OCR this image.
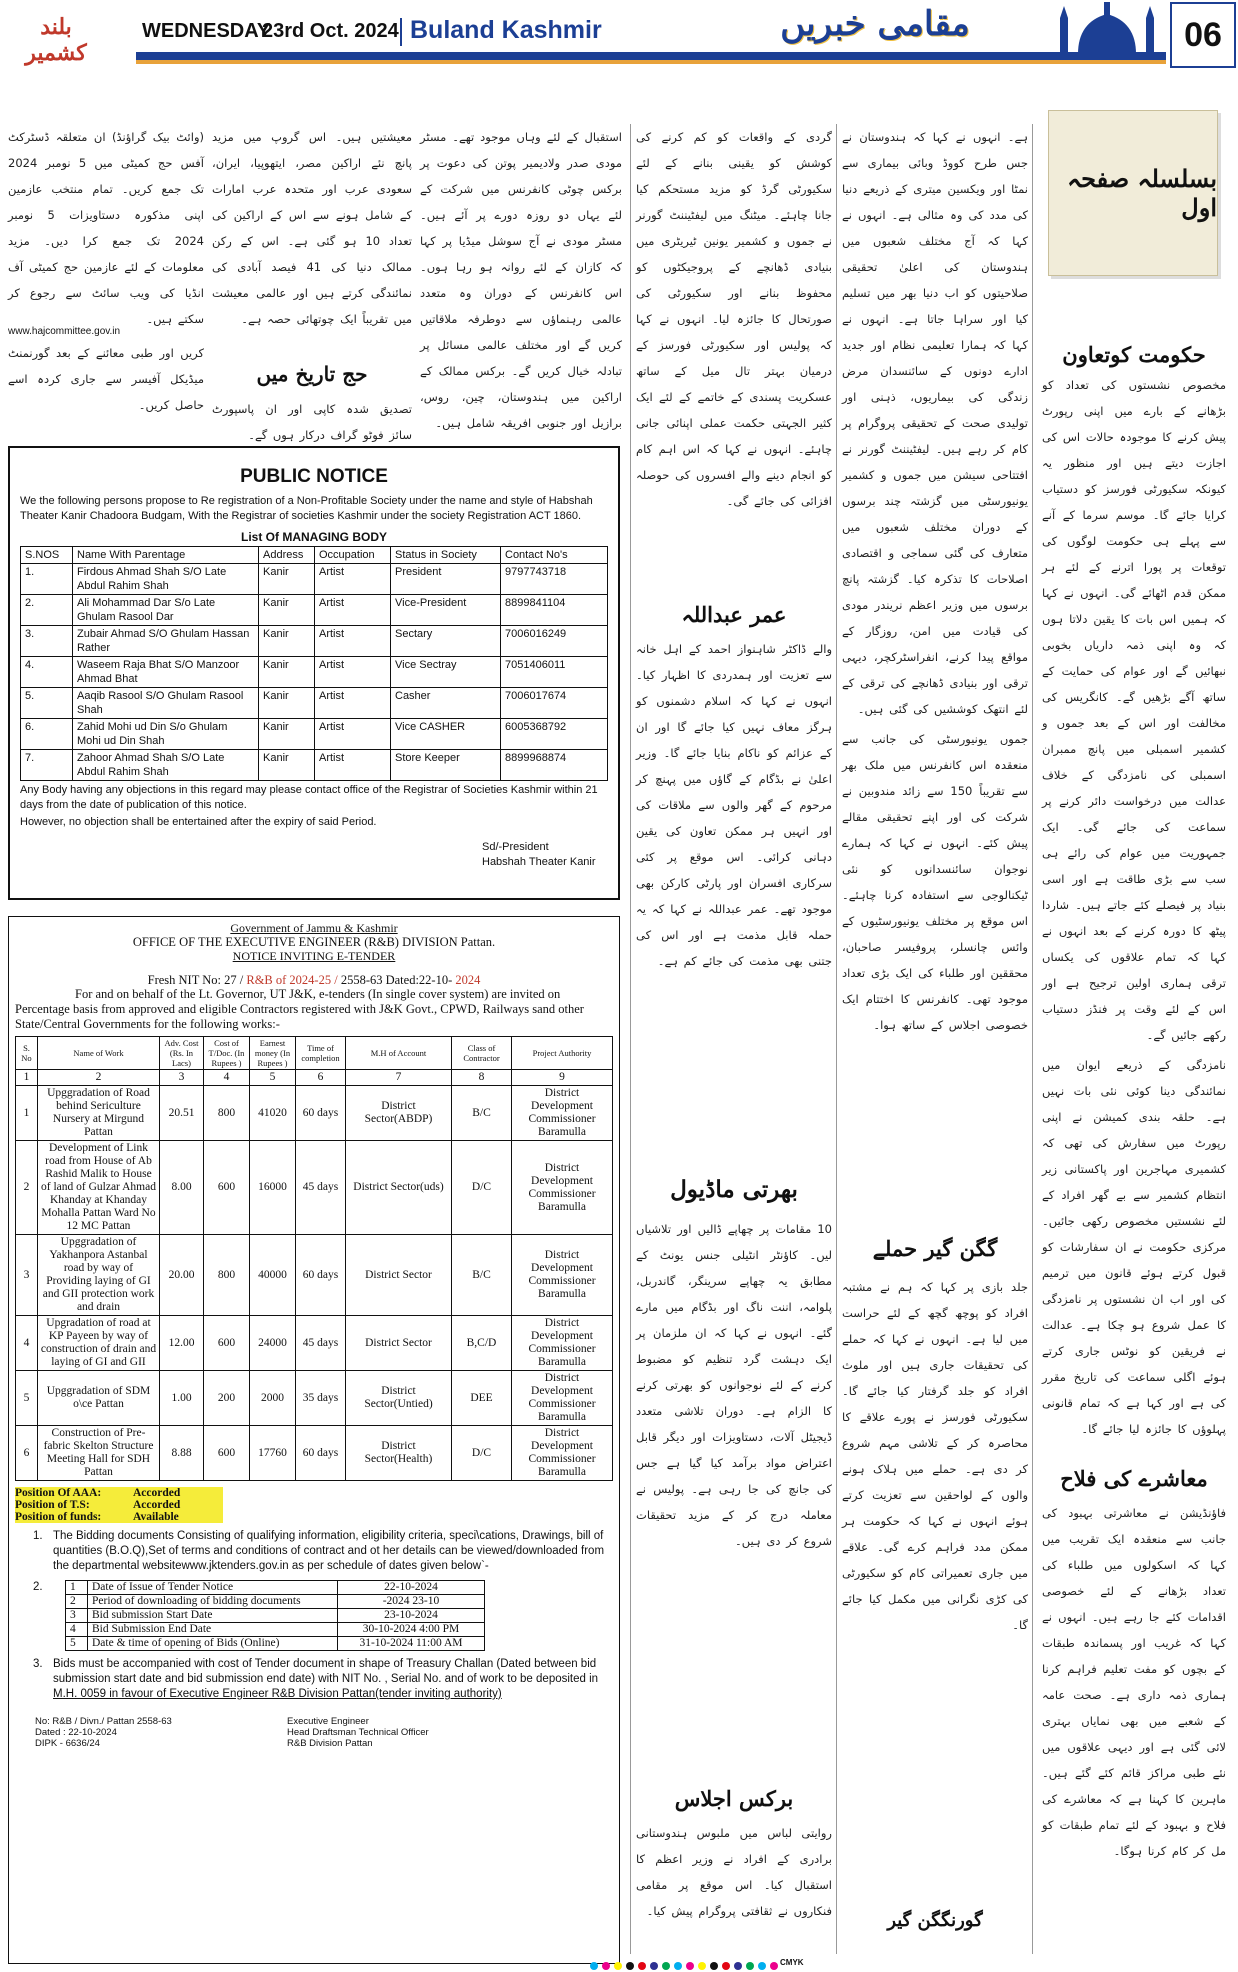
بلند کشمیر
WEDNESDAY
23rd Oct. 2024 Buland Kashmir	مقامی خبریں	06
بسلسلہ صفحہ اول
حکومت کوتعاون

مخصوص نشستوں کی تعداد کو بڑھانے کے بارے میں اپنی رپورٹ پیش کرنے کا موجودہ حالات اس کی اجازت دیتے ہیں اور منظور یہ کیونکہ سکیورٹی فورسز کو دستیاب کرایا جائے گا۔ موسم سرما کے آنے سے پہلے ہی حکومت لوگوں کی توقعات پر پورا اترنے کے لئے ہر ممکن قدم اٹھائے گی۔ انہوں نے کہا کہ ہمیں اس بات کا یقین دلاتا ہوں کہ وہ اپنی ذمہ داریاں بخوبی نبھائیں گے اور عوام کی حمایت کے ساتھ آگے بڑھیں گے۔ کانگریس کی مخالفت اور اس کے بعد جموں و کشمیر اسمبلی میں پانچ ممبران اسمبلی کی نامزدگی کے خلاف عدالت میں درخواست دائر کرنے پر سماعت کی جائے گی۔ ایک جمہوریت میں عوام کی رائے ہی سب سے بڑی طاقت ہے اور اسی بنیاد پر فیصلے کئے جاتے ہیں۔ شاردا پیٹھ کا دورہ کرنے کے بعد انہوں نے کہا کہ تمام علاقوں کی یکساں ترقی ہماری اولین ترجیح ہے اور اس کے لئے وقت پر فنڈز دستیاب رکھے جائیں گے۔

نامزدگی کے ذریعے ایوان میں نمائندگی دینا کوئی نئی بات نہیں ہے۔ حلقہ بندی کمیشن نے اپنی رپورٹ میں سفارش کی تھی کہ کشمیری مہاجرین اور پاکستانی زیر انتظام کشمیر سے بے گھر افراد کے لئے نشستیں مخصوص رکھی جائیں۔ مرکزی حکومت نے ان سفارشات کو قبول کرتے ہوئے قانون میں ترمیم کی اور اب ان نشستوں پر نامزدگی کا عمل شروع ہو چکا ہے۔ عدالت نے فریقین کو نوٹس جاری کرتے ہوئے اگلی سماعت کی تاریخ مقرر کی ہے اور کہا ہے کہ تمام قانونی پہلوؤں کا جائزہ لیا جائے گا۔

معاشرے کی فلاح

فاؤنڈیشن نے معاشرتی بہبود کی جانب سے منعقدہ ایک تقریب میں کہا کہ اسکولوں میں طلباء کی تعداد بڑھانے کے لئے خصوصی اقدامات کئے جا رہے ہیں۔ انہوں نے کہا کہ غریب اور پسماندہ طبقات کے بچوں کو مفت تعلیم فراہم کرنا ہماری ذمہ داری ہے۔ صحت عامہ کے شعبے میں بھی نمایاں بہتری لائی گئی ہے اور دیہی علاقوں میں نئے طبی مراکز قائم کئے گئے ہیں۔ ماہرین کا کہنا ہے کہ معاشرے کی فلاح و بہبود کے لئے تمام طبقات کو مل کر کام کرنا ہوگا۔

ہے۔ انہوں نے کہا کہ ہندوستان نے جس طرح کووڈ وبائی بیماری سے نمٹا اور ویکسین میتری کے ذریعے دنیا کی مدد کی وہ مثالی ہے۔ انہوں نے کہا کہ آج مختلف شعبوں میں ہندوستان کی اعلیٰ تحقیقی صلاحیتوں کو اب دنیا بھر میں تسلیم کیا اور سراہا جاتا ہے۔ انہوں نے کہا کہ ہمارا تعلیمی نظام اور جدید ادارے دونوں کے سائنسدان مرض زندگی کی بیماریوں، ذہنی اور تولیدی صحت کے تحقیقی پروگرام پر کام کر رہے ہیں۔ لیفٹیننٹ گورنر نے افتتاحی سیشن میں جموں و کشمیر یونیورسٹی میں گزشتہ چند برسوں کے دوران مختلف شعبوں میں متعارف کی گئی سماجی و اقتصادی اصلاحات کا تذکرہ کیا۔ گزشتہ پانچ برسوں میں وزیر اعظم نریندر مودی کی قیادت میں امن، روزگار کے مواقع پیدا کرنے، انفراسٹرکچر، دیہی ترقی اور بنیادی ڈھانچے کی ترقی کے لئے انتھک کوششیں کی گئی ہیں۔

جموں یونیورسٹی کی جانب سے منعقدہ اس کانفرنس میں ملک بھر سے تقریباً 150 سے زائد مندوبین نے شرکت کی اور اپنے تحقیقی مقالے پیش کئے۔ انہوں نے کہا کہ ہمارے نوجوان سائنسدانوں کو نئی ٹیکنالوجی سے استفادہ کرنا چاہئے۔ اس موقع پر مختلف یونیورسٹیوں کے وائس چانسلر، پروفیسر صاحبان، محققین اور طلباء کی ایک بڑی تعداد موجود تھی۔ کانفرنس کا اختتام ایک خصوصی اجلاس کے ساتھ ہوا۔

گگن گیر حملے

جلد بازی پر کہا کہ ہم نے مشتبہ افراد کو پوچھ گچھ کے لئے حراست میں لیا ہے۔ انہوں نے کہا کہ حملے کی تحقیقات جاری ہیں اور ملوث افراد کو جلد گرفتار کیا جائے گا۔ سکیورٹی فورسز نے پورے علاقے کا محاصرہ کر کے تلاشی مہم شروع کر دی ہے۔ حملے میں ہلاک ہونے والوں کے لواحقین سے تعزیت کرتے ہوئے انہوں نے کہا کہ حکومت ہر ممکن مدد فراہم کرے گی۔ علاقے میں جاری تعمیراتی کام کو سکیورٹی کی کڑی نگرانی میں مکمل کیا جائے گا۔

گورنگگن گیر

گردی کے واقعات کو کم کرنے کی کوشش کو یقینی بنانے کے لئے سکیورٹی گرڈ کو مزید مستحکم کیا جانا چاہئے۔ میٹنگ میں لیفٹیننٹ گورنر نے جموں و کشمیر یونین ٹیریٹری میں بنیادی ڈھانچے کے پروجیکٹوں کو محفوظ بنانے اور سکیورٹی کی صورتحال کا جائزہ لیا۔ انہوں نے کہا کہ پولیس اور سکیورٹی فورسز کے درمیان بہتر تال میل کے ساتھ عسکریت پسندی کے خاتمے کے لئے ایک کثیر الجہتی حکمت عملی اپنائی جانی چاہئے۔ انہوں نے کہا کہ اس اہم کام کو انجام دینے والے افسروں کی حوصلہ افزائی کی جائے گی۔

عمر عبداللہ

والے ڈاکٹر شاہنواز احمد کے اہل خانہ سے تعزیت اور ہمدردی کا اظہار کیا۔ انہوں نے کہا کہ اسلام دشمنوں کو ہرگز معاف نہیں کیا جائے گا اور ان کے عزائم کو ناکام بنایا جائے گا۔ وزیر اعلیٰ نے بڈگام کے گاؤں میں پہنچ کر مرحوم کے گھر والوں سے ملاقات کی اور انہیں ہر ممکن تعاون کی یقین دہانی کرائی۔ اس موقع پر کئی سرکاری افسران اور پارٹی کارکن بھی موجود تھے۔ عمر عبداللہ نے کہا کہ یہ حملہ قابل مذمت ہے اور اس کی جتنی بھی مذمت کی جائے کم ہے۔

بھرتی ماڈیول

10 مقامات پر چھاپے ڈالیں اور تلاشیاں لیں۔ کاؤنٹر انٹیلی جنس یونٹ کے مطابق یہ چھاپے سرینگر، گاندربل، پلوامہ، اننت ناگ اور بڈگام میں مارے گئے۔ انہوں نے کہا کہ ان ملزمان پر ایک دہشت گرد تنظیم کو مضبوط کرنے کے لئے نوجوانوں کو بھرتی کرنے کا الزام ہے۔ دوران تلاشی متعدد ڈیجیٹل آلات، دستاویزات اور دیگر قابل اعتراض مواد برآمد کیا گیا ہے جس کی جانچ کی جا رہی ہے۔ پولیس نے معاملہ درج کر کے مزید تحقیقات شروع کر دی ہیں۔

برکس اجلاس

روایتی لباس میں ملبوس ہندوستانی برادری کے افراد نے وزیر اعظم کا استقبال کیا۔ اس موقع پر مقامی فنکاروں نے ثقافتی پروگرام پیش کیا۔

استقبال کے لئے وہاں موجود تھے۔ مسٹر مودی صدر ولادیمیر پوتن کی دعوت پر برکس چوٹی کانفرنس میں شرکت کے لئے یہاں دو روزہ دورے پر آئے ہیں۔ مسٹر مودی نے آج سوشل میڈیا پر کہا کہ کازان کے لئے روانہ ہو رہا ہوں۔ اس کانفرنس کے دوران وہ متعدد عالمی رہنماؤں سے دوطرفہ ملاقاتیں کریں گے اور مختلف عالمی مسائل پر تبادلہ خیال کریں گے۔ برکس ممالک کے اراکین میں ہندوستان، چین، روس، برازیل اور جنوبی افریقہ شامل ہیں۔

معیشتیں ہیں۔ اس گروپ میں مزید پانچ نئے اراکین مصر، ایتھوپیا، ایران، سعودی عرب اور متحدہ عرب امارات کے شامل ہونے سے اس کے اراکین کی تعداد 10 ہو گئی ہے۔ اس کے رکن ممالک دنیا کی 41 فیصد آبادی کی نمائندگی کرتے ہیں اور عالمی معیشت میں تقریباً ایک چوتھائی حصہ ہے۔

حج تاریخ میں

تصدیق شدہ کاپی اور ان پاسپورٹ سائز فوٹو گراف درکار ہوں گے۔

(وائٹ بیک گراؤنڈ) ان متعلقہ ڈسٹرکٹ آفس حج کمیٹی میں 5 نومبر 2024 تک جمع کریں۔ تمام منتخب عازمین اپنی مذکورہ دستاویزات 5 نومبر 2024 تک جمع کرا دیں۔ مزید معلومات کے لئے عازمین حج کمیٹی آف انڈیا کی ویب سائٹ سے رجوع کر سکتے ہیں۔

www.hajcommittee.gov.in

کریں اور طبی معائنے کے بعد گورنمنٹ میڈیکل آفیسر سے جاری کردہ اسے حاصل کریں۔

PUBLIC NOTICE
We the following persons propose to Re registration of a Non-Profitable Society under the name and style of Habshah Theater Kanir Chadoora Budgam, With the Registrar of societies Kashmir under the society Registration ACT 1860.
List Of MANAGING BODY
S.NOS	Name With Parentage	Address	Occupation	Status in Society	Contact No's
1.	Firdous Ahmad Shah S/O Late Abdul Rahim Shah	Kanir	Artist	President	9797743718
2.	Ali Mohammad Dar S/o Late Ghulam Rasool Dar	Kanir	Artist	Vice-President	8899841104
3.	Zubair Ahmad S/O Ghulam Hassan Rather	Kanir	Artist	Sectary	7006016249
4.	Waseem Raja Bhat S/O Manzoor Ahmad Bhat	Kanir	Artist	Vice Sectray	7051406011
5.	Aaqib Rasool S/O Ghulam Rasool Shah	Kanir	Artist	Casher	7006017674
6.	Zahid Mohi ud Din S/o Ghulam Mohi ud Din Shah	Kanir	Artist	Vice CASHER	6005368792
7.	Zahoor Ahmad Shah S/O Late Abdul Rahim Shah	Kanir	Artist	Store Keeper	8899968874
Any Body having any objections in this regard may please contact office of the Registrar of Societies Kashmir within 21 days from the date of publication of this notice.
However, no objection shall be entertained after the expiry of said Period.
Sd/-President
Habshah Theater Kanir
Government of Jammu & Kashmir
OFFICE OF THE EXECUTIVE ENGINEER (R&B) DIVISION Pattan.
NOTICE INVITING E-TENDER
Fresh NIT No: 27 / R&B of 2024-25 / 2558-63 Dated:22-10- 2024
For and on behalf of the Lt. Governor, UT J&K, e-tenders (In single cover system) are invited on Percentage basis from approved and eligible Contractors registered with J&K Govt., CPWD, Railways sand other State/Central Governments for the following works:-
S. No	Name of Work	Adv. Cost (Rs. In Lacs)	Cost of T/Doc. (In Rupees )	Earnest money (In Rupees )	Time of completion	M.H of Account	Class of Contractor	Project Authority
1	2	3	4	5	6	7	8	9
1	Upggradation of Road behind Sericulture Nursery at Mirgund Pattan	20.51	800	41020	60 days	District Sector(ABDP)	B/C	District Development Commissioner Baramulla
2	Development of Link road from House of Ab Rashid Malik to House of land of Gulzar Ahmad Khanday at Khanday Mohalla Pattan Ward No 12 MC Pattan	8.00	600	16000	45 days	District Sector(uds)	D/C	District Development Commissioner Baramulla
3	Upggradation of Yakhanpora Astanbal road by way of Providing laying of GI and GII protection work and drain	20.00	800	40000	60 days	District Sector	B/C	District Development Commissioner Baramulla
4	Upgradation of road at KP Payeen by way of construction of drain and laying of GI and GII	12.00	600	24000	45 days	District Sector	B,C/D	District Development Commissioner Baramulla
5	Upggradation of SDM o\ce Pattan	1.00	200	2000	35 days	District Sector(Untied)	DEE	District Development Commissioner Baramulla
6	Construction of Pre-fabric Skelton Structure Meeting Hall for SDH Pattan	8.88	600	17760	60 days	District Sector(Health)	D/C	District Development Commissioner Baramulla
Position Of AAA:	Accorded
Position of T.S:	Accorded
Position of funds:	Available
1. The Bidding documents Consisting of qualifying information, eligibility criteria, speci\cations, Drawings, bill of quantities (B.O.Q),Set of terms and conditions of contract and ot her details can be viewed/downloaded from the departmental websitewww.jktenders.gov.in as per schedule of dates given below`-
2. 1	Date of Issue of Tender Notice	22-10-2024
2	Period of downloading of bidding documents	-2024 23-10
3	Bid submission Start Date	23-10-2024
4	Bid Submission End Date	30-10-2024 4:00 PM
5	Date & time of opening of Bids (Online)	31-10-2024 11:00 AM
3. Bids must be accompanied with cost of Tender document in shape of Treasury Challan (Dated between bid submission start date and bid submission end date) with NIT No. , Serial No. and of work to be deposited in M.H. 0059 in favour of Executive Engineer R&B Division Pattan(tender inviting authority)
No: R&B / Divn./ Pattan 2558-63
Dated : 22-10-2024
DIPK - 6636/24
Executive Engineer
Head Draftsman Technical Officer
R&B Division Pattan
CMYK
